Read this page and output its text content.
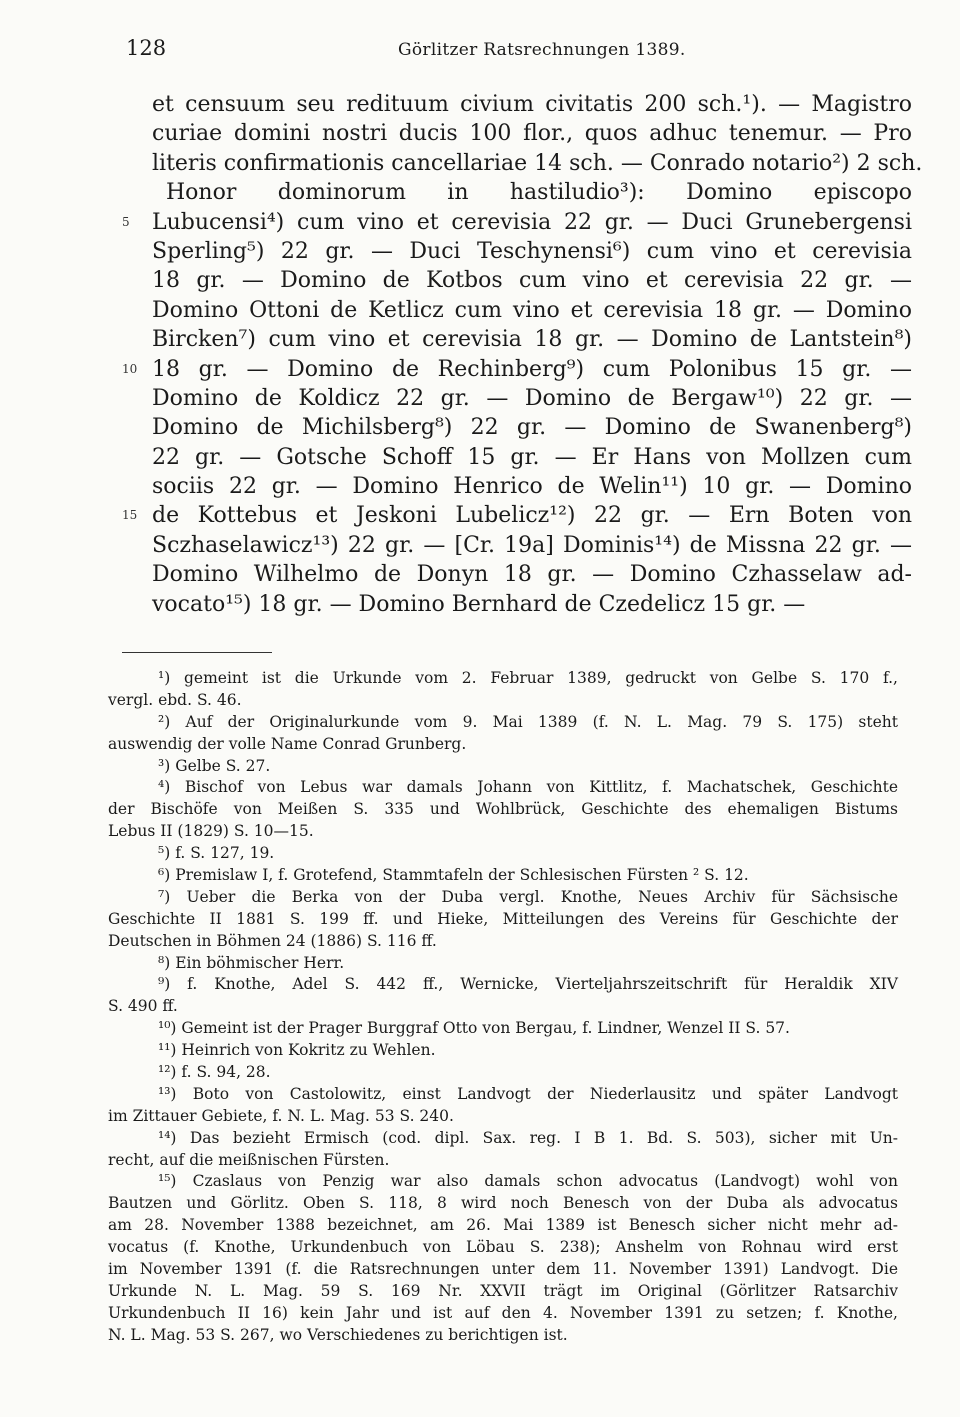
128	Görlitzer Ratsrechnungen 1389.
et censuum seu redituum civium civitatis 200 sch.¹). — Magistro
curiae domini nostri ducis 100 flor., quos adhuc tenemur. — Pro
literis confirmationis cancellariae 14 sch. — Conrado notario²) 2 sch.
Honor dominorum in hastiludio³): Domino episcopo
5 Lubucensi⁴) cum vino et cerevisia 22 gr. — Duci Grunebergensi
Sperling⁵) 22 gr. — Duci Teschynensi⁶) cum vino et cerevisia
18 gr. — Domino de Kotbos cum vino et cerevisia 22 gr. —
Domino Ottoni de Ketlicz cum vino et cerevisia 18 gr. — Domino
Bircken⁷) cum vino et cerevisia 18 gr. — Domino de Lantstein⁸)
10 18 gr. — Domino de Rechinberg⁹) cum Polonibus 15 gr. —
Domino de Koldicz 22 gr. — Domino de Bergaw¹⁰) 22 gr. —
Domino de Michilsberg⁸) 22 gr. — Domino de Swanenberg⁸)
22 gr. — Gotsche Schoff 15 gr. — Er Hans von Mollzen cum
sociis 22 gr. — Domino Henrico de Welin¹¹) 10 gr. — Domino
15 de Kottebus et Jeskoni Lubelicz¹²) 22 gr. — Ern Boten von
Sczhaselawicz¹³) 22 gr. — [Cr. 19a] Dominis¹⁴) de Missna 22 gr. —
Domino Wilhelmo de Donyn 18 gr. — Domino Czhasselaw ad-
vocato¹⁵) 18 gr. — Domino Bernhard de Czedelicz 15 gr. —
¹) gemeint ist die Urkunde vom 2. Februar 1389, gedruckt von Gelbe S. 170 f.,
vergl. ebd. S. 46.
²) Auf der Originalurkunde vom 9. Mai 1389 (f. N. L. Mag. 79 S. 175) steht
auswendig der volle Name Conrad Grunberg.
³) Gelbe S. 27.
⁴) Bischof von Lebus war damals Johann von Kittlitz, f. Machatschek, Geschichte
der Bischöfe von Meißen S. 335 und Wohlbrück, Geschichte des ehemaligen Bistums
Lebus II (1829) S. 10—15.
⁵) f. S. 127, 19.
⁶) Premislaw I, f. Grotefend, Stammtafeln der Schlesischen Fürsten ² S. 12.
⁷) Ueber die Berka von der Duba vergl. Knothe, Neues Archiv für Sächsische
Geschichte II 1881 S. 199 ff. und Hieke, Mitteilungen des Vereins für Geschichte der
Deutschen in Böhmen 24 (1886) S. 116 ff.
⁸) Ein böhmischer Herr.
⁹) f. Knothe, Adel S. 442 ff., Wernicke, Vierteljahrszeitschrift für Heraldik XIV
S. 490 ff.
¹⁰) Gemeint ist der Prager Burggraf Otto von Bergau, f. Lindner, Wenzel II S. 57.
¹¹) Heinrich von Kokritz zu Wehlen.
¹²) f. S. 94, 28.
¹³) Boto von Castolowitz, einst Landvogt der Niederlausitz und später Landvogt
im Zittauer Gebiete, f. N. L. Mag. 53 S. 240.
¹⁴) Das bezieht Ermisch (cod. dipl. Sax. reg. I B 1. Bd. S. 503), sicher mit Un-
recht, auf die meißnischen Fürsten.
¹⁵) Czaslaus von Penzig war also damals schon advocatus (Landvogt) wohl von
Bautzen und Görlitz. Oben S. 118, 8 wird noch Benesch von der Duba als advocatus
am 28. November 1388 bezeichnet, am 26. Mai 1389 ist Benesch sicher nicht mehr ad-
vocatus (f. Knothe, Urkundenbuch von Löbau S. 238); Anshelm von Rohnau wird erst
im November 1391 (f. die Ratsrechnungen unter dem 11. November 1391) Landvogt. Die
Urkunde N. L. Mag. 59 S. 169 Nr. XXVII trägt im Original (Görlitzer Ratsarchiv
Urkundenbuch II 16) kein Jahr und ist auf den 4. November 1391 zu setzen; f. Knothe,
N. L. Mag. 53 S. 267, wo Verschiedenes zu berichtigen ist.
